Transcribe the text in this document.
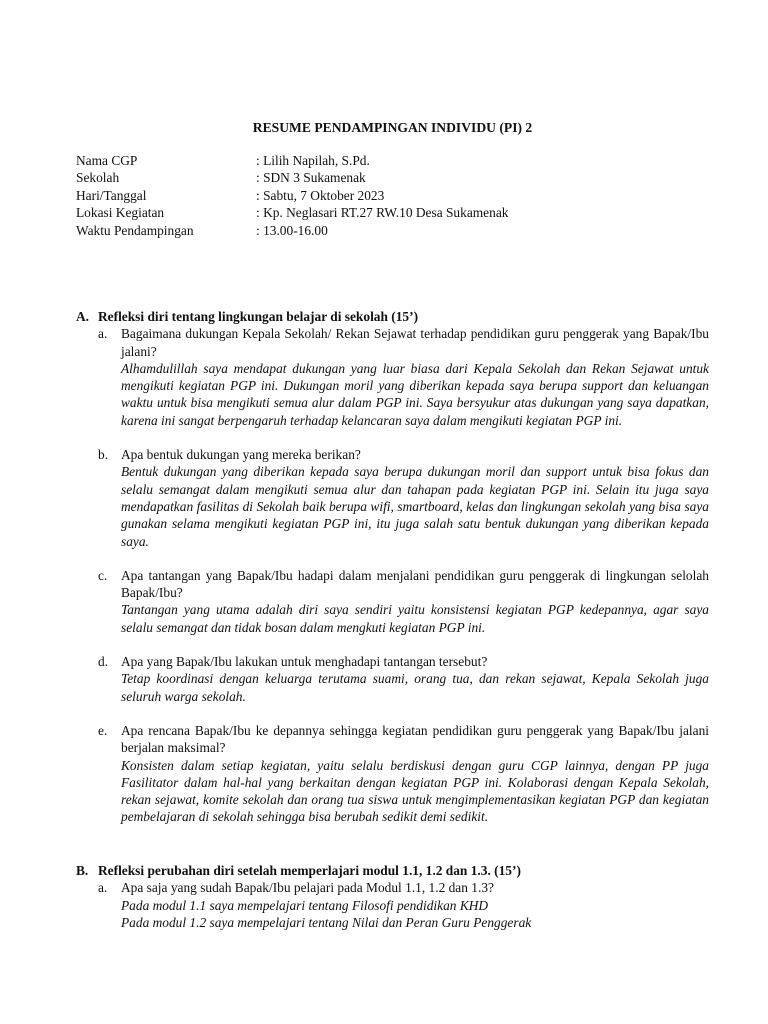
RESUME PENDAMPINGAN INDIVIDU (PI) 2
Nama CGP	: Lilih Napilah, S.Pd.
Sekolah	: SDN 3 Sukamenak
Hari/Tanggal	: Sabtu, 7 Oktober 2023
Lokasi Kegiatan	: Kp. Neglasari RT.27 RW.10 Desa Sukamenak
Waktu Pendampingan	: 13.00-16.00
A. Refleksi diri tentang lingkungan belajar di sekolah (15’)
a. Bagaimana dukungan Kepala Sekolah/ Rekan Sejawat terhadap pendidikan guru penggerak yang Bapak/Ibu jalani?
Alhamdulillah saya mendapat dukungan yang luar biasa dari Kepala Sekolah dan Rekan Sejawat untuk mengikuti kegiatan PGP ini. Dukungan moril yang diberikan kepada saya berupa support dan keluangan waktu untuk bisa mengikuti semua alur dalam PGP ini. Saya bersyukur atas dukungan yang saya dapatkan, karena ini sangat berpengaruh terhadap kelancaran saya dalam mengikuti kegiatan PGP ini.
b. Apa bentuk dukungan yang mereka berikan?
Bentuk dukungan yang diberikan kepada saya berupa dukungan moril dan support untuk bisa fokus dan selalu semangat dalam mengikuti semua alur dan tahapan pada kegiatan PGP ini. Selain itu juga saya mendapatkan fasilitas di Sekolah baik berupa wifi, smartboard, kelas dan lingkungan sekolah yang bisa saya gunakan selama mengikuti kegiatan PGP ini, itu juga salah satu bentuk dukungan yang diberikan kepada saya.
c. Apa tantangan yang Bapak/Ibu hadapi dalam menjalani pendidikan guru penggerak di lingkungan selolah Bapak/Ibu?
Tantangan yang utama adalah diri saya sendiri yaitu konsistensi kegiatan PGP kedepannya, agar saya selalu semangat dan tidak bosan dalam mengkuti kegiatan PGP ini.
d. Apa yang Bapak/Ibu lakukan untuk menghadapi tantangan tersebut?
Tetap koordinasi dengan keluarga terutama suami, orang tua, dan rekan sejawat, Kepala Sekolah juga seluruh warga sekolah.
e. Apa rencana Bapak/Ibu ke depannya sehingga kegiatan pendidikan guru penggerak yang Bapak/Ibu jalani berjalan maksimal?
Konsisten dalam setiap kegiatan, yaitu selalu berdiskusi dengan guru CGP lainnya, dengan PP juga Fasilitator dalam hal-hal yang berkaitan dengan kegiatan PGP ini. Kolaborasi dengan Kepala Sekolah, rekan sejawat, komite sekolah dan orang tua siswa untuk mengimplementasikan kegiatan PGP dan kegiatan pembelajaran di sekolah sehingga bisa berubah sedikit demi sedikit.
B. Refleksi perubahan diri setelah memperlajari modul 1.1, 1.2 dan 1.3. (15’)
a. Apa saja yang sudah Bapak/Ibu pelajari pada Modul 1.1, 1.2 dan 1.3?
Pada modul 1.1 saya mempelajari tentang Filosofi pendidikan KHD
Pada modul 1.2 saya mempelajari tentang Nilai dan Peran Guru Penggerak
